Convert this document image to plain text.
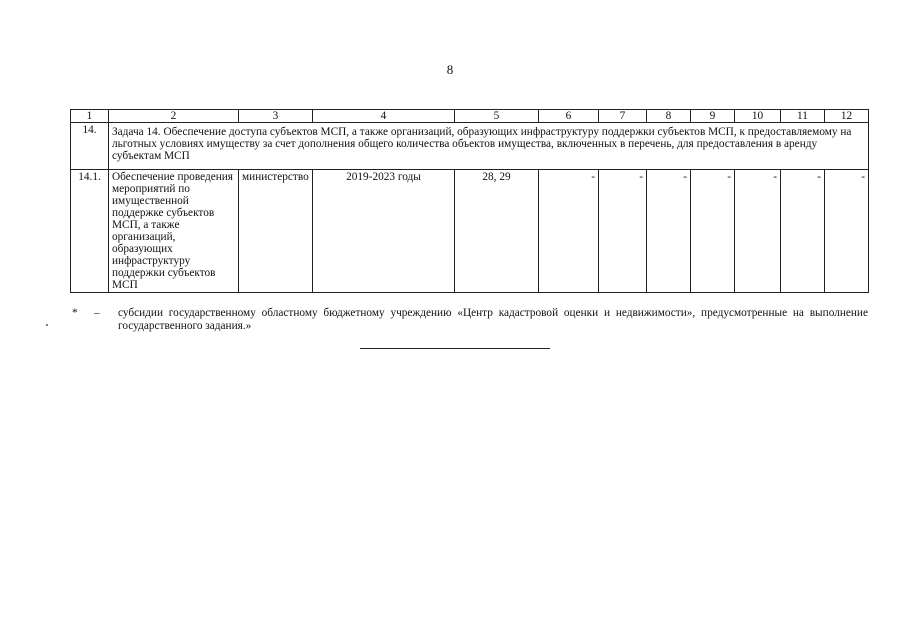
8
1	2	3	4	5	6	7	8	9	10	11	12
14.	Задача 14. Обеспечение доступа субъектов МСП, а также организаций, образующих инфраструктуру поддержки субъектов МСП, к предоставляемому на льготных условиях имуществу за счет дополнения общего количества объектов имущества, включенных в перечень, для предоставления в аренду субъектам МСП										
14.1.	Обеспечение проведения мероприятий по имущественной поддержке субъектов МСП, а также организаций, образующих инфраструктуру поддержки субъектов МСП	министерство	2019-2023 годы	28, 29	-	-	-	-	-	-	-
* – субсидии государственному областному бюджетному учреждению «Центр кадастровой оценки и недвижимости», предусмотренные на выполнение государственного задания.»
